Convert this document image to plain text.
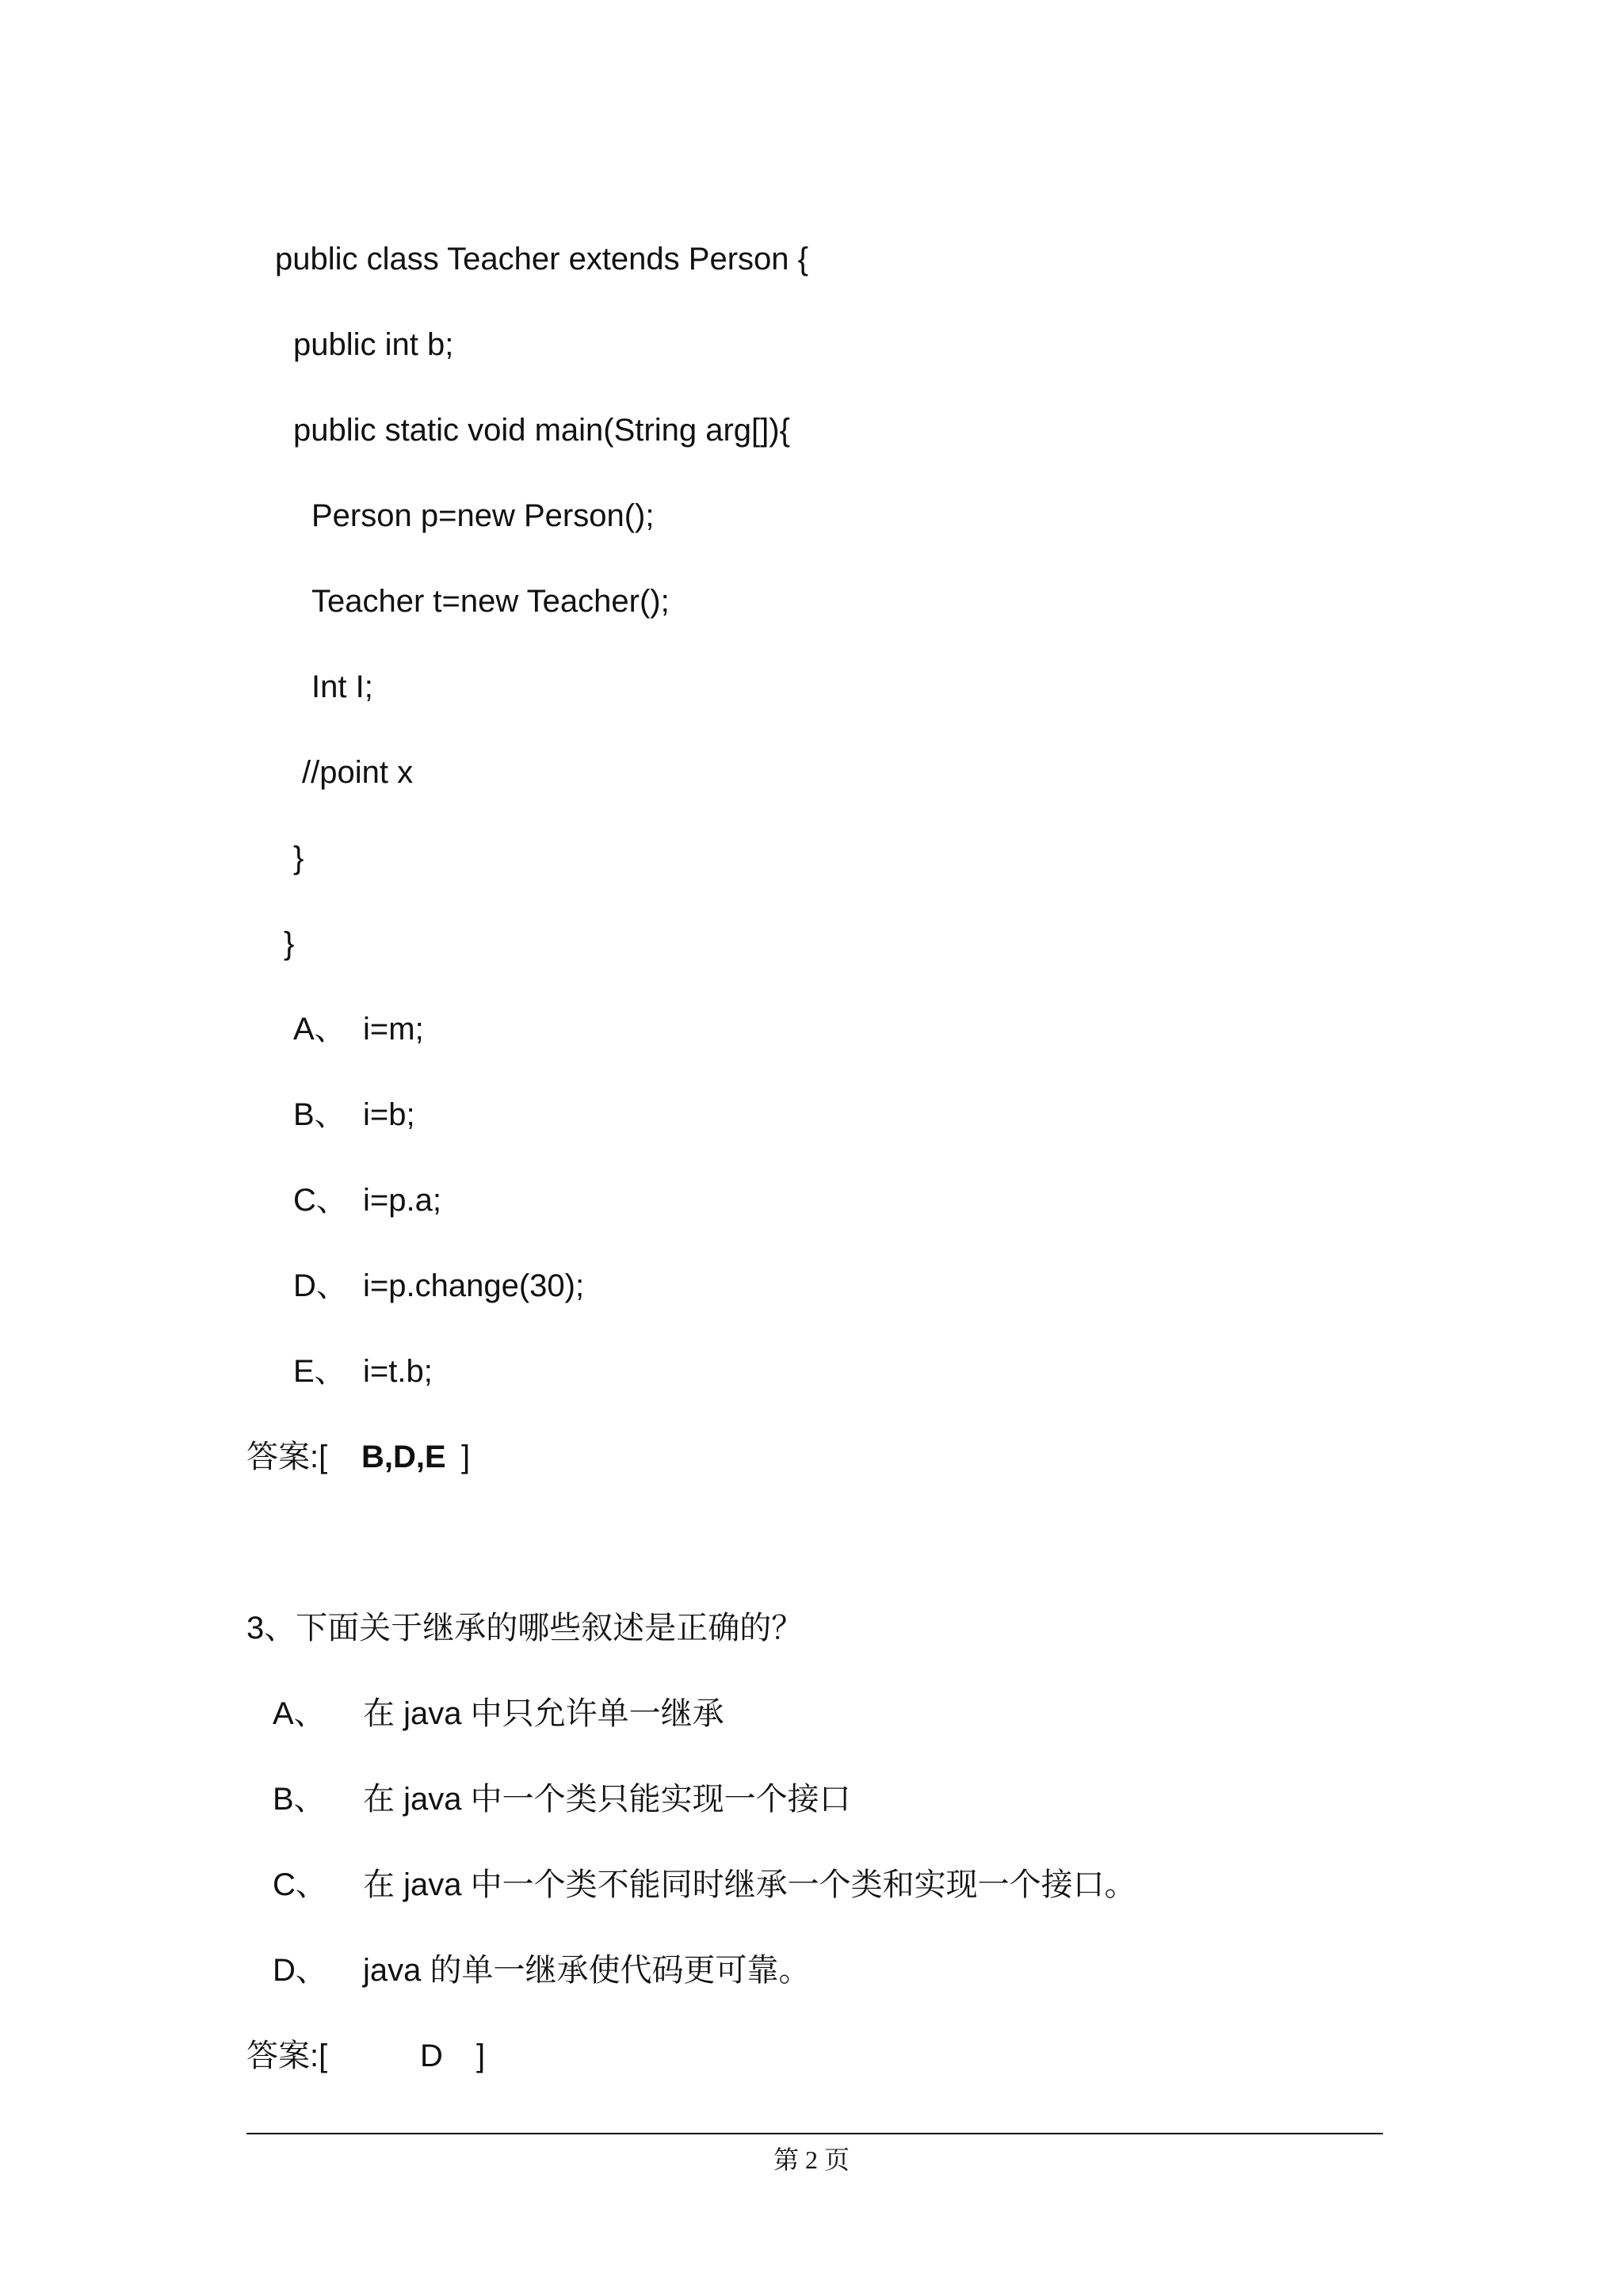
public class Teacher extends Person {
public int b;
public static void main(String arg[]){
Person p=new Person();
Teacher t=new Teacher();
Int I;
//point x
}
}
A、 i=m;
B、 i=b;
C、 i=p.a;
D、 i=p.change(30);
E、 i=t.b;
答案:[ B,D,E ]
3、下面关于继承的哪些叙述是正确的？
A、 在 java 中只允许单一继承
B、 在 java 中一个类只能实现一个接口
C、 在 java 中一个类不能同时继承一个类和实现一个接口。
D、 java 的单一继承使代码更可靠。
答案:[	D ]
第 2 页
